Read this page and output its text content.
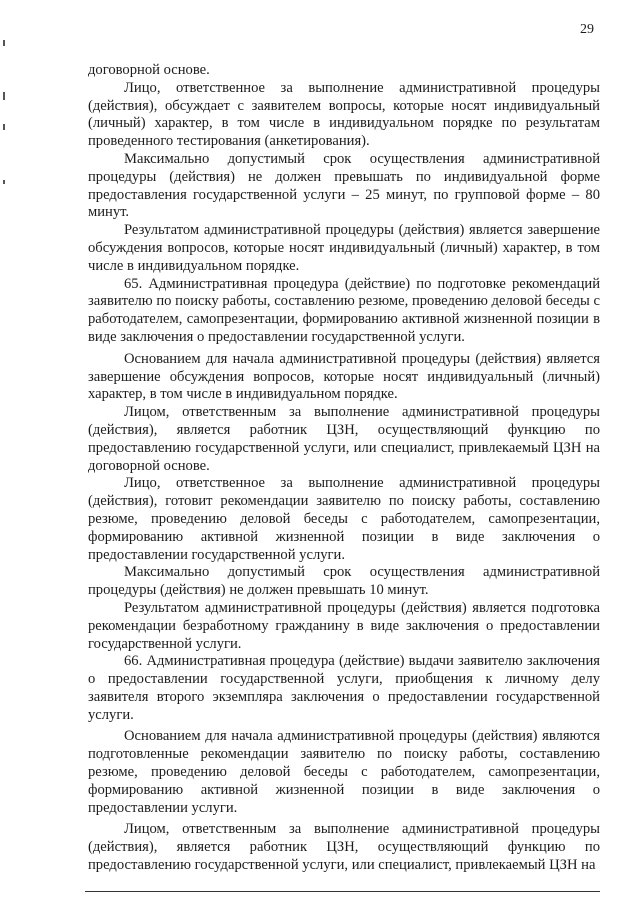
29

договорной основе.

Лицо, ответственное за выполнение административной процедуры (действия), обсуждает с заявителем вопросы, которые носят индивидуальный (личный) характер, в том числе в индивидуальном порядке по результатам проведенного тестирования (анкетирования).

Максимально допустимый срок осуществления административной процедуры (действия) не должен превышать по индивидуальной форме предоставления государственной услуги – 25 минут, по групповой форме – 80 минут.

Результатом административной процедуры (действия) является завершение обсуждения вопросов, которые носят индивидуальный (личный) характер, в том числе в индивидуальном порядке.

65. Административная процедура (действие) по подготовке рекомендаций заявителю по поиску работы, составлению резюме, проведению деловой беседы с работодателем, самопрезентации, формированию активной жизненной позиции в виде заключения о предоставлении государственной услуги.

Основанием для начала административной процедуры (действия) является завершение обсуждения вопросов, которые носят индивидуальный (личный) характер, в том числе в индивидуальном порядке.

Лицом, ответственным за выполнение административной процедуры (действия), является работник ЦЗН, осуществляющий функцию по предоставлению государственной услуги, или специалист, привлекаемый ЦЗН на договорной основе.

Лицо, ответственное за выполнение административной процедуры (действия), готовит рекомендации заявителю по поиску работы, составлению резюме, проведению деловой беседы с работодателем, самопрезентации, формированию активной жизненной позиции в виде заключения о предоставлении государственной услуги.

Максимально допустимый срок осуществления административной процедуры (действия) не должен превышать 10 минут.

Результатом административной процедуры (действия) является подготовка рекомендации безработному гражданину в виде заключения о предоставлении государственной услуги.

66. Административная процедура (действие) выдачи заявителю заключения о предоставлении государственной услуги, приобщения к личному делу заявителя второго экземпляра заключения о предоставлении государственной услуги.

Основанием для начала административной процедуры (действия) являются подготовленные рекомендации заявителю по поиску работы, составлению резюме, проведению деловой беседы с работодателем, самопрезентации, формированию активной жизненной позиции в виде заключения о предоставлении услуги.

Лицом, ответственным за выполнение административной процедуры (действия), является работник ЦЗН, осуществляющий функцию по предоставлению государственной услуги, или специалист, привлекаемый ЦЗН на
